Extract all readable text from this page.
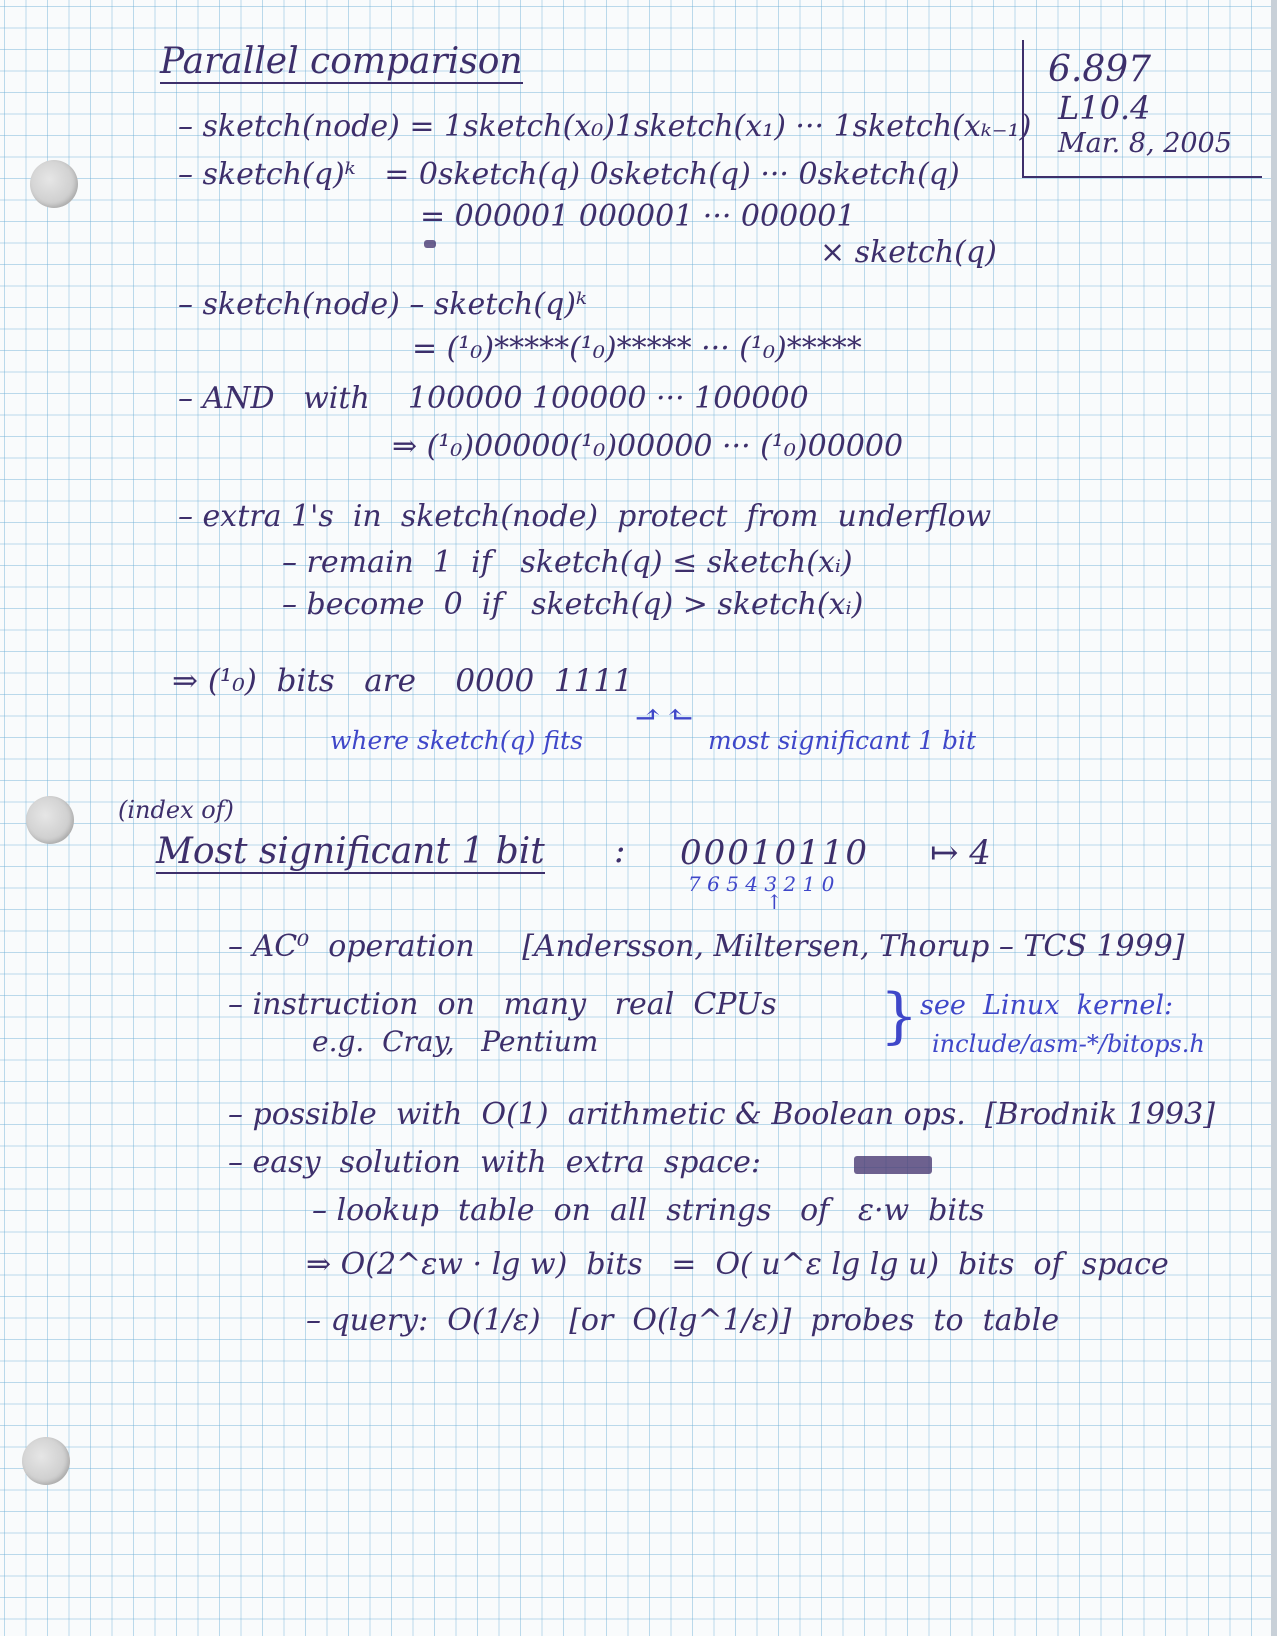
6.897
L10.4
Mar. 8, 2005
Parallel comparison
– sketch(node) = 1sketch(x₀)1sketch(x₁) ··· 1sketch(xₖ₋₁)
– sketch(q)ᵏ   = 0sketch(q) 0sketch(q) ··· 0sketch(q)
= 000001 000001 ··· 000001
× sketch(q)
– sketch(node) – sketch(q)ᵏ
= (¹₀)*****(¹₀)***** ··· (¹₀)*****
– AND   with    100000 100000 ··· 100000
⇒ (¹₀)00000(¹₀)00000 ··· (¹₀)00000
– extra 1's  in  sketch(node)  protect  from  underflow
– remain  1  if   sketch(q) ≤ sketch(xᵢ)
– become  0  if   sketch(q) > sketch(xᵢ)
⇒ (¹₀)  bits   are    0000  1111
where sketch(q) fits
⬏ ⬑
most significant 1 bit
(index of)
Most significant 1 bit : 00010110 ↦ 4
7 6 5 4 3 2 1 0
↑
– AC⁰  operation     [Andersson, Miltersen, Thorup – TCS 1999]
– instruction  on   many   real  CPUs
e.g.  Cray,   Pentium	} see  Linux  kernel:
include/asm-*/bitops.h
– possible  with  O(1)  arithmetic & Boolean ops.  [Brodnik 1993]
– easy  solution  with  extra  space:
– lookup  table  on  all  strings   of   ε·w  bits
⇒ O(2^εw · lg w)  bits   =  O( u^ε lg lg u)  bits  of  space
– query:  O(1/ε)   [or  O(lg^1/ε)]  probes  to  table
